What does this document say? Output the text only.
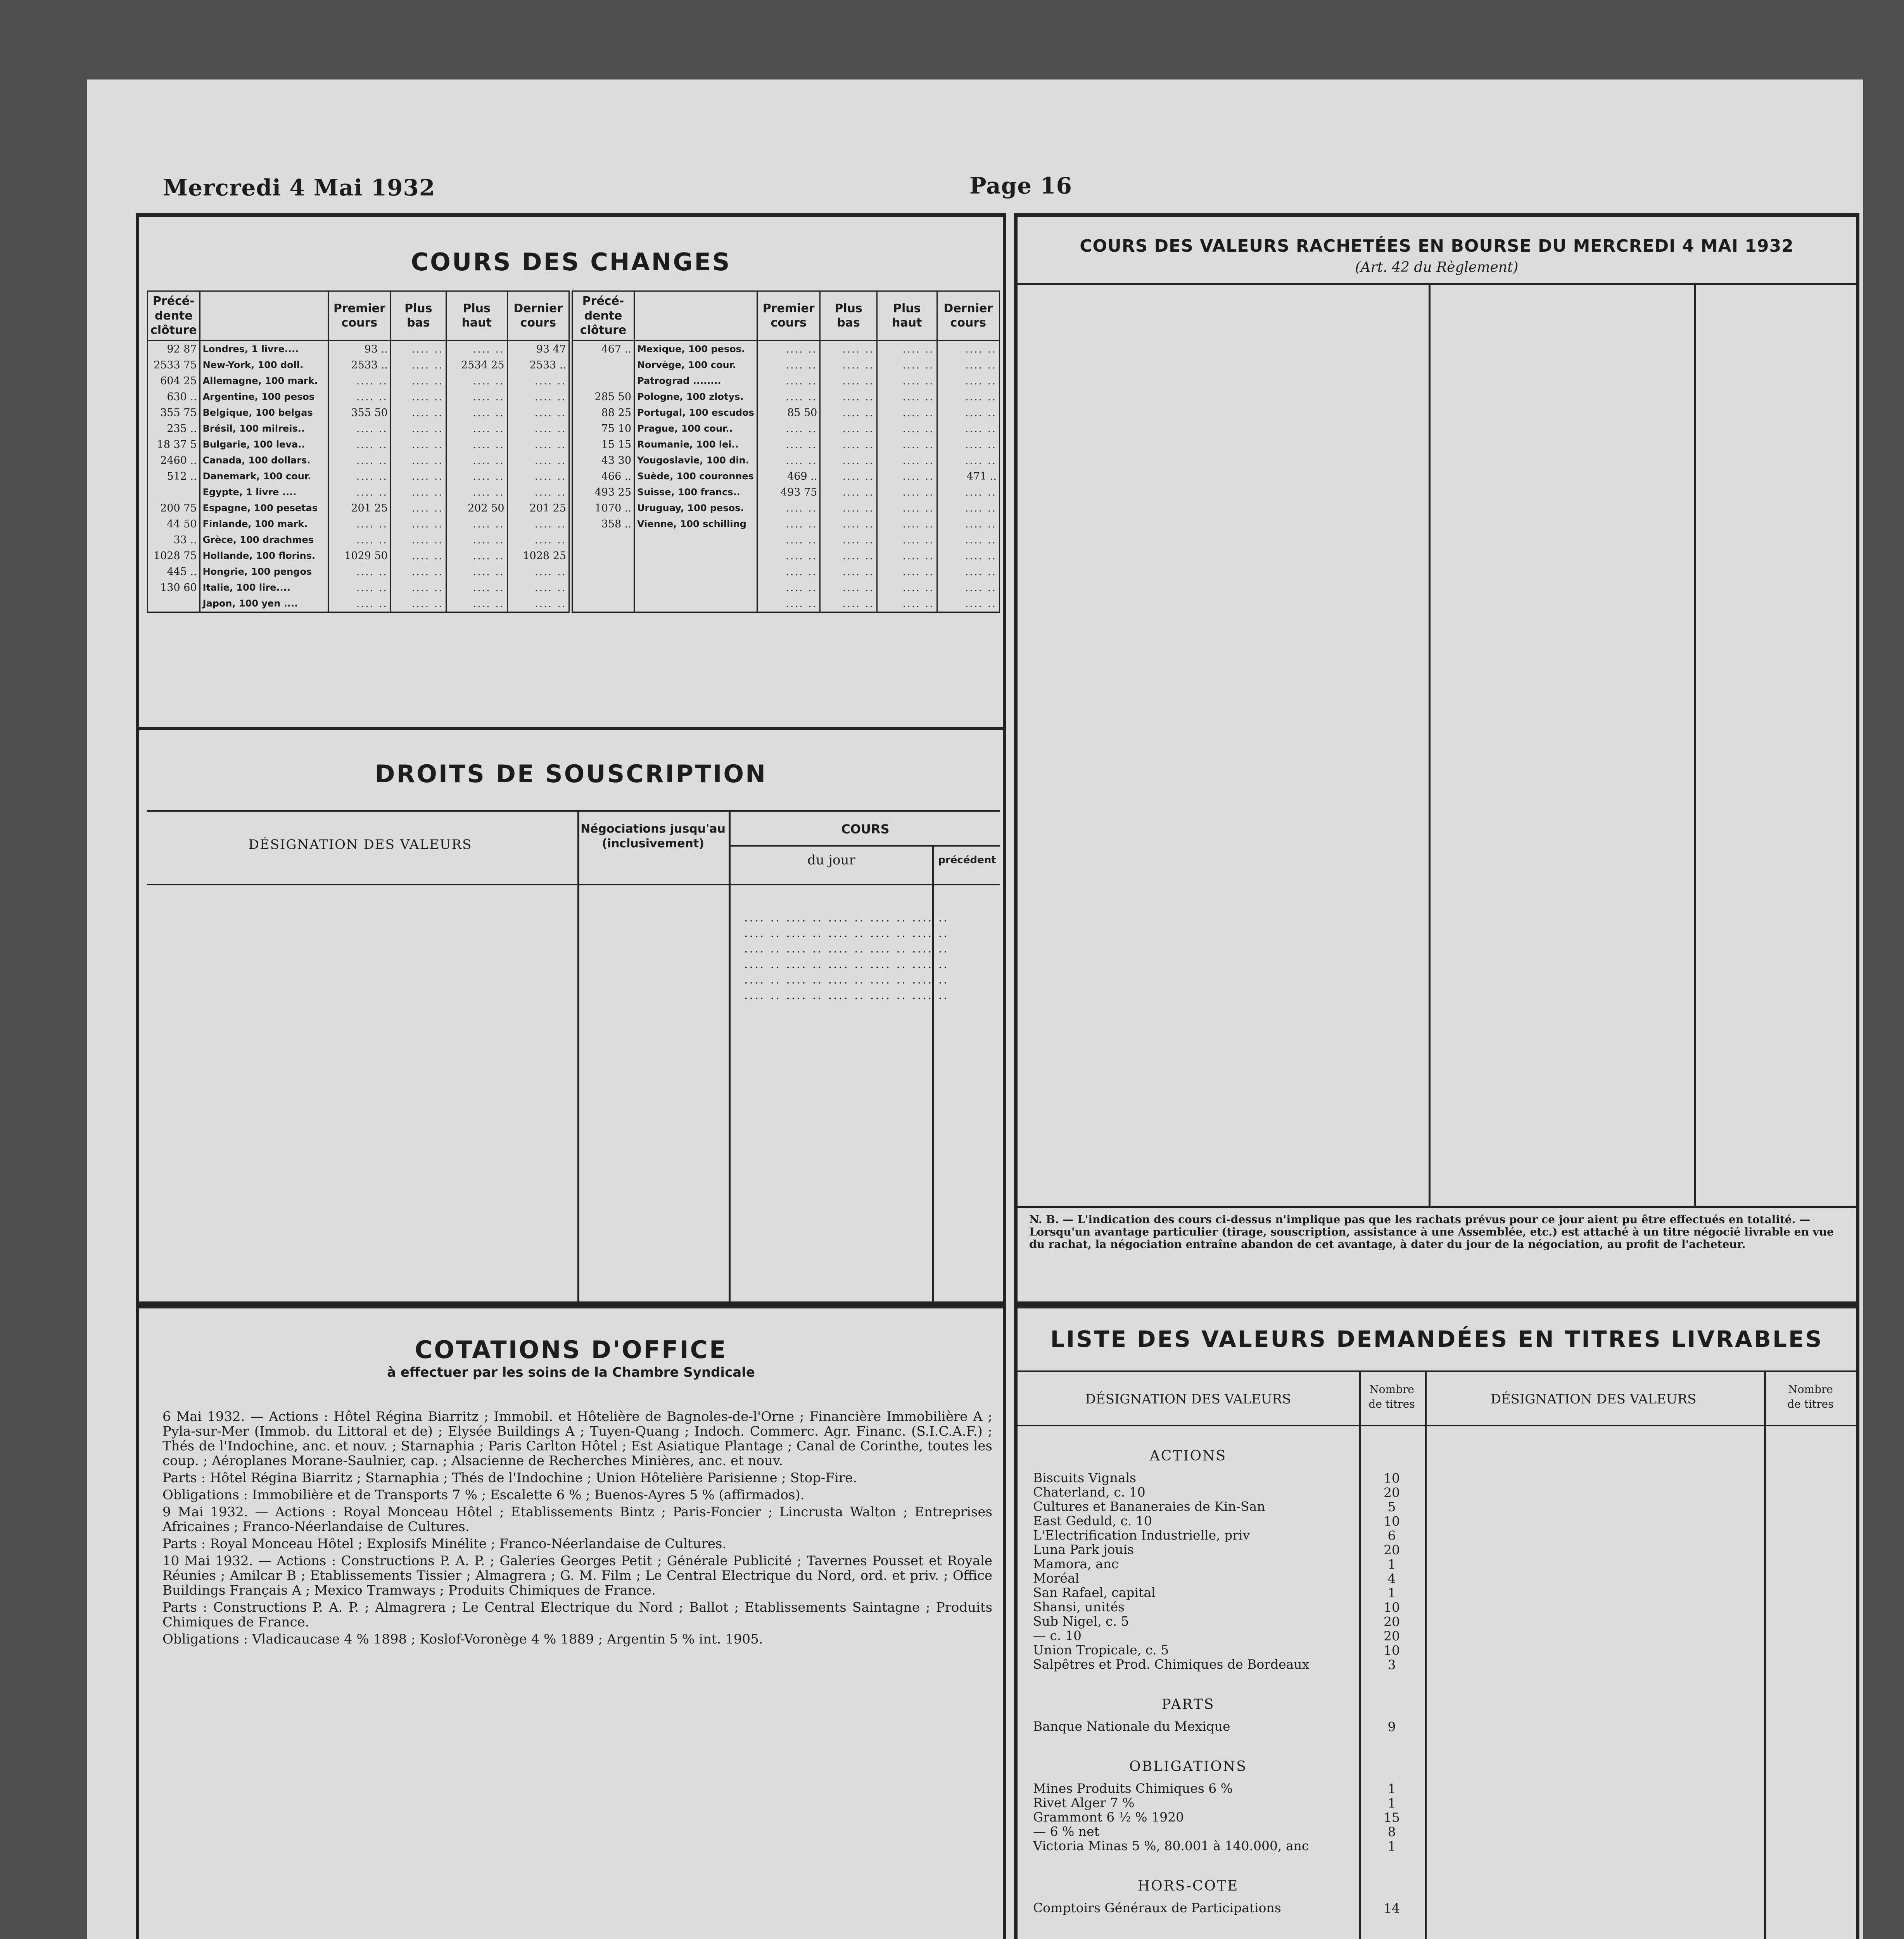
Mercredi 4 Mai 1932	Page 16
COURS DES CHANGES
Précé- dente clôture		Premier cours	Plus bas	Plus haut	Dernier cours
92 87	Londres, 1 livre....	93 ..	.... ..	.... ..	93 47
2533 75	New-York, 100 doll.	2533 ..	.... ..	2534 25	2533 ..
604 25	Allemagne, 100 mark.	.... ..	.... ..	.... ..	.... ..
630 ..	Argentine, 100 pesos	.... ..	.... ..	.... ..	.... ..
355 75	Belgique, 100 belgas	355 50	.... ..	.... ..	.... ..
235 ..	Brésil, 100 milreis..	.... ..	.... ..	.... ..	.... ..
18 37 5	Bulgarie, 100 leva..	.... ..	.... ..	.... ..	.... ..
2460 ..	Canada, 100 dollars.	.... ..	.... ..	.... ..	.... ..
512 ..	Danemark, 100 cour.	.... ..	.... ..	.... ..	.... ..
	Egypte, 1 livre ....	.... ..	.... ..	.... ..	.... ..
200 75	Espagne, 100 pesetas	201 25	.... ..	202 50	201 25
44 50	Finlande, 100 mark.	.... ..	.... ..	.... ..	.... ..
33 ..	Grèce, 100 drachmes	.... ..	.... ..	.... ..	.... ..
1028 75	Hollande, 100 florins.	1029 50	.... ..	.... ..	1028 25
445 ..	Hongrie, 100 pengos	.... ..	.... ..	.... ..	.... ..
130 60	Italie, 100 lire....	.... ..	.... ..	.... ..	.... ..
	Japon, 100 yen ....	.... ..	.... ..	.... ..	.... ..
Précé- dente clôture		Premier cours	Plus bas	Plus haut	Dernier cours
467 ..	Mexique, 100 pesos.	.... ..	.... ..	.... ..	.... ..
	Norvège, 100 cour.	.... ..	.... ..	.... ..	.... ..
	Patrograd ........	.... ..	.... ..	.... ..	.... ..
285 50	Pologne, 100 zlotys.	.... ..	.... ..	.... ..	.... ..
88 25	Portugal, 100 escudos	85 50	.... ..	.... ..	.... ..
75 10	Prague, 100 cour..	.... ..	.... ..	.... ..	.... ..
15 15	Roumanie, 100 lei..	.... ..	.... ..	.... ..	.... ..
43 30	Yougoslavie, 100 din.	.... ..	.... ..	.... ..	.... ..
466 ..	Suède, 100 couronnes	469 ..	.... ..	.... ..	471 ..
493 25	Suisse, 100 francs..	493 75	.... ..	.... ..	.... ..
1070 ..	Uruguay, 100 pesos.	.... ..	.... ..	.... ..	.... ..
358 ..	Vienne, 100 schilling	.... ..	.... ..	.... ..	.... ..
		.... ..	.... ..	.... ..	.... ..
		.... ..	.... ..	.... ..	.... ..
		.... ..	.... ..	.... ..	.... ..
		.... ..	.... ..	.... ..	.... ..
		.... ..	.... ..	.... ..	.... ..
DROITS DE SOUSCRIPTION
DÉSIGNATION DES VALEURS
Négociations jusqu'au
(inclusivement)
COURS
du jour	précédent
.... .. .... .. .... .. .... .. .... ..
.... .. .... .. .... .. .... .. .... ..
.... .. .... .. .... .. .... .. .... ..
.... .. .... .. .... .. .... .. .... ..
.... .. .... .. .... .. .... .. .... ..
.... .. .... .. .... .. .... .. .... ..
COURS DES VALEURS RACHETÉES EN BOURSE DU MERCREDI 4 MAI 1932
(Art. 42 du Règlement)
N. B. — L'indication des cours ci-dessus n'implique pas que les rachats prévus pour ce jour aient pu être effectués en totalité. — Lorsqu'un avantage particulier (tirage, souscription, assistance à une Assemblée, etc.) est attaché à un titre négocié livrable en vue du rachat, la négociation entraîne abandon de cet avantage, à dater du jour de la négociation, au profit de l'acheteur.
COTATIONS D'OFFICE
à effectuer par les soins de la Chambre Syndicale
6 Mai 1932. — Actions : Hôtel Régina Biarritz ; Immobil. et Hôtelière de Bagnoles-de-l'Orne ; Financière Immobilière A ; Pyla-sur-Mer (Immob. du Littoral et de) ; Elysée Buildings A ; Tuyen-Quang ; Indoch. Commerc. Agr. Financ. (S.I.C.A.F.) ; Thés de l'Indochine, anc. et nouv. ; Starnaphia ; Paris Carlton Hôtel ; Est Asiatique Plantage ; Canal de Corinthe, toutes les coup. ; Aéroplanes Morane-Saulnier, cap. ; Alsacienne de Recherches Minières, anc. et nouv.
Parts : Hôtel Régina Biarritz ; Starnaphia ; Thés de l'Indochine ; Union Hôtelière Parisienne ; Stop-Fire.
Obligations : Immobilière et de Transports 7 % ; Escalette 6 % ; Buenos-Ayres 5 % (affirmados).
9 Mai 1932. — Actions : Royal Monceau Hôtel ; Etablissements Bintz ; Paris-Foncier ; Lincrusta Walton ; Entreprises Africaines ; Franco-Néerlandaise de Cultures.
Parts : Royal Monceau Hôtel ; Explosifs Minélite ; Franco-Néerlandaise de Cultures.
10 Mai 1932. — Actions : Constructions P. A. P. ; Galeries Georges Petit ; Générale Publicité ; Tavernes Pousset et Royale Réunies ; Amilcar B ; Etablissements Tissier ; Almagrera ; G. M. Film ; Le Central Electrique du Nord, ord. et priv. ; Office Buildings Français A ; Mexico Tramways ; Produits Chimiques de France.
Parts : Constructions P. A. P. ; Almagrera ; Le Central Electrique du Nord ; Ballot ; Etablissements Saintagne ; Produits Chimiques de France.
Obligations : Vladicaucase 4 % 1898 ; Koslof-Voronège 4 % 1889 ; Argentin 5 % int. 1905.
LISTE DES VALEURS DEMANDÉES EN TITRES LIVRABLES
DÉSIGNATION DES VALEURS
Nombre
de titres	DÉSIGNATION DES VALEURS
Nombre
de titres
ACTIONS
Biscuits Vignals	10
Chaterland, c. 10	20
Cultures et Bananeraies de Kin-San	5
East Geduld, c. 10	10
L'Electrification Industrielle, priv	6
Luna Park jouis	20
Mamora, anc	1
Moréal	4
San Rafael, capital	1
Shansi, unités	10
Sub Nigel, c. 5	20
— c. 10	20
Union Tropicale, c. 5	10
Salpêtres et Prod. Chimiques de Bordeaux	3
PARTS
Banque Nationale du Mexique	9
OBLIGATIONS
Mines Produits Chimiques 6 %	1
Rivet Alger 7 %	1
Grammont 6 ½ % 1920	15
— 6 % net	8
Victoria Minas 5 %, 80.001 à 140.000, anc	1
HORS-COTE
Comptoirs Généraux de Participations	14
